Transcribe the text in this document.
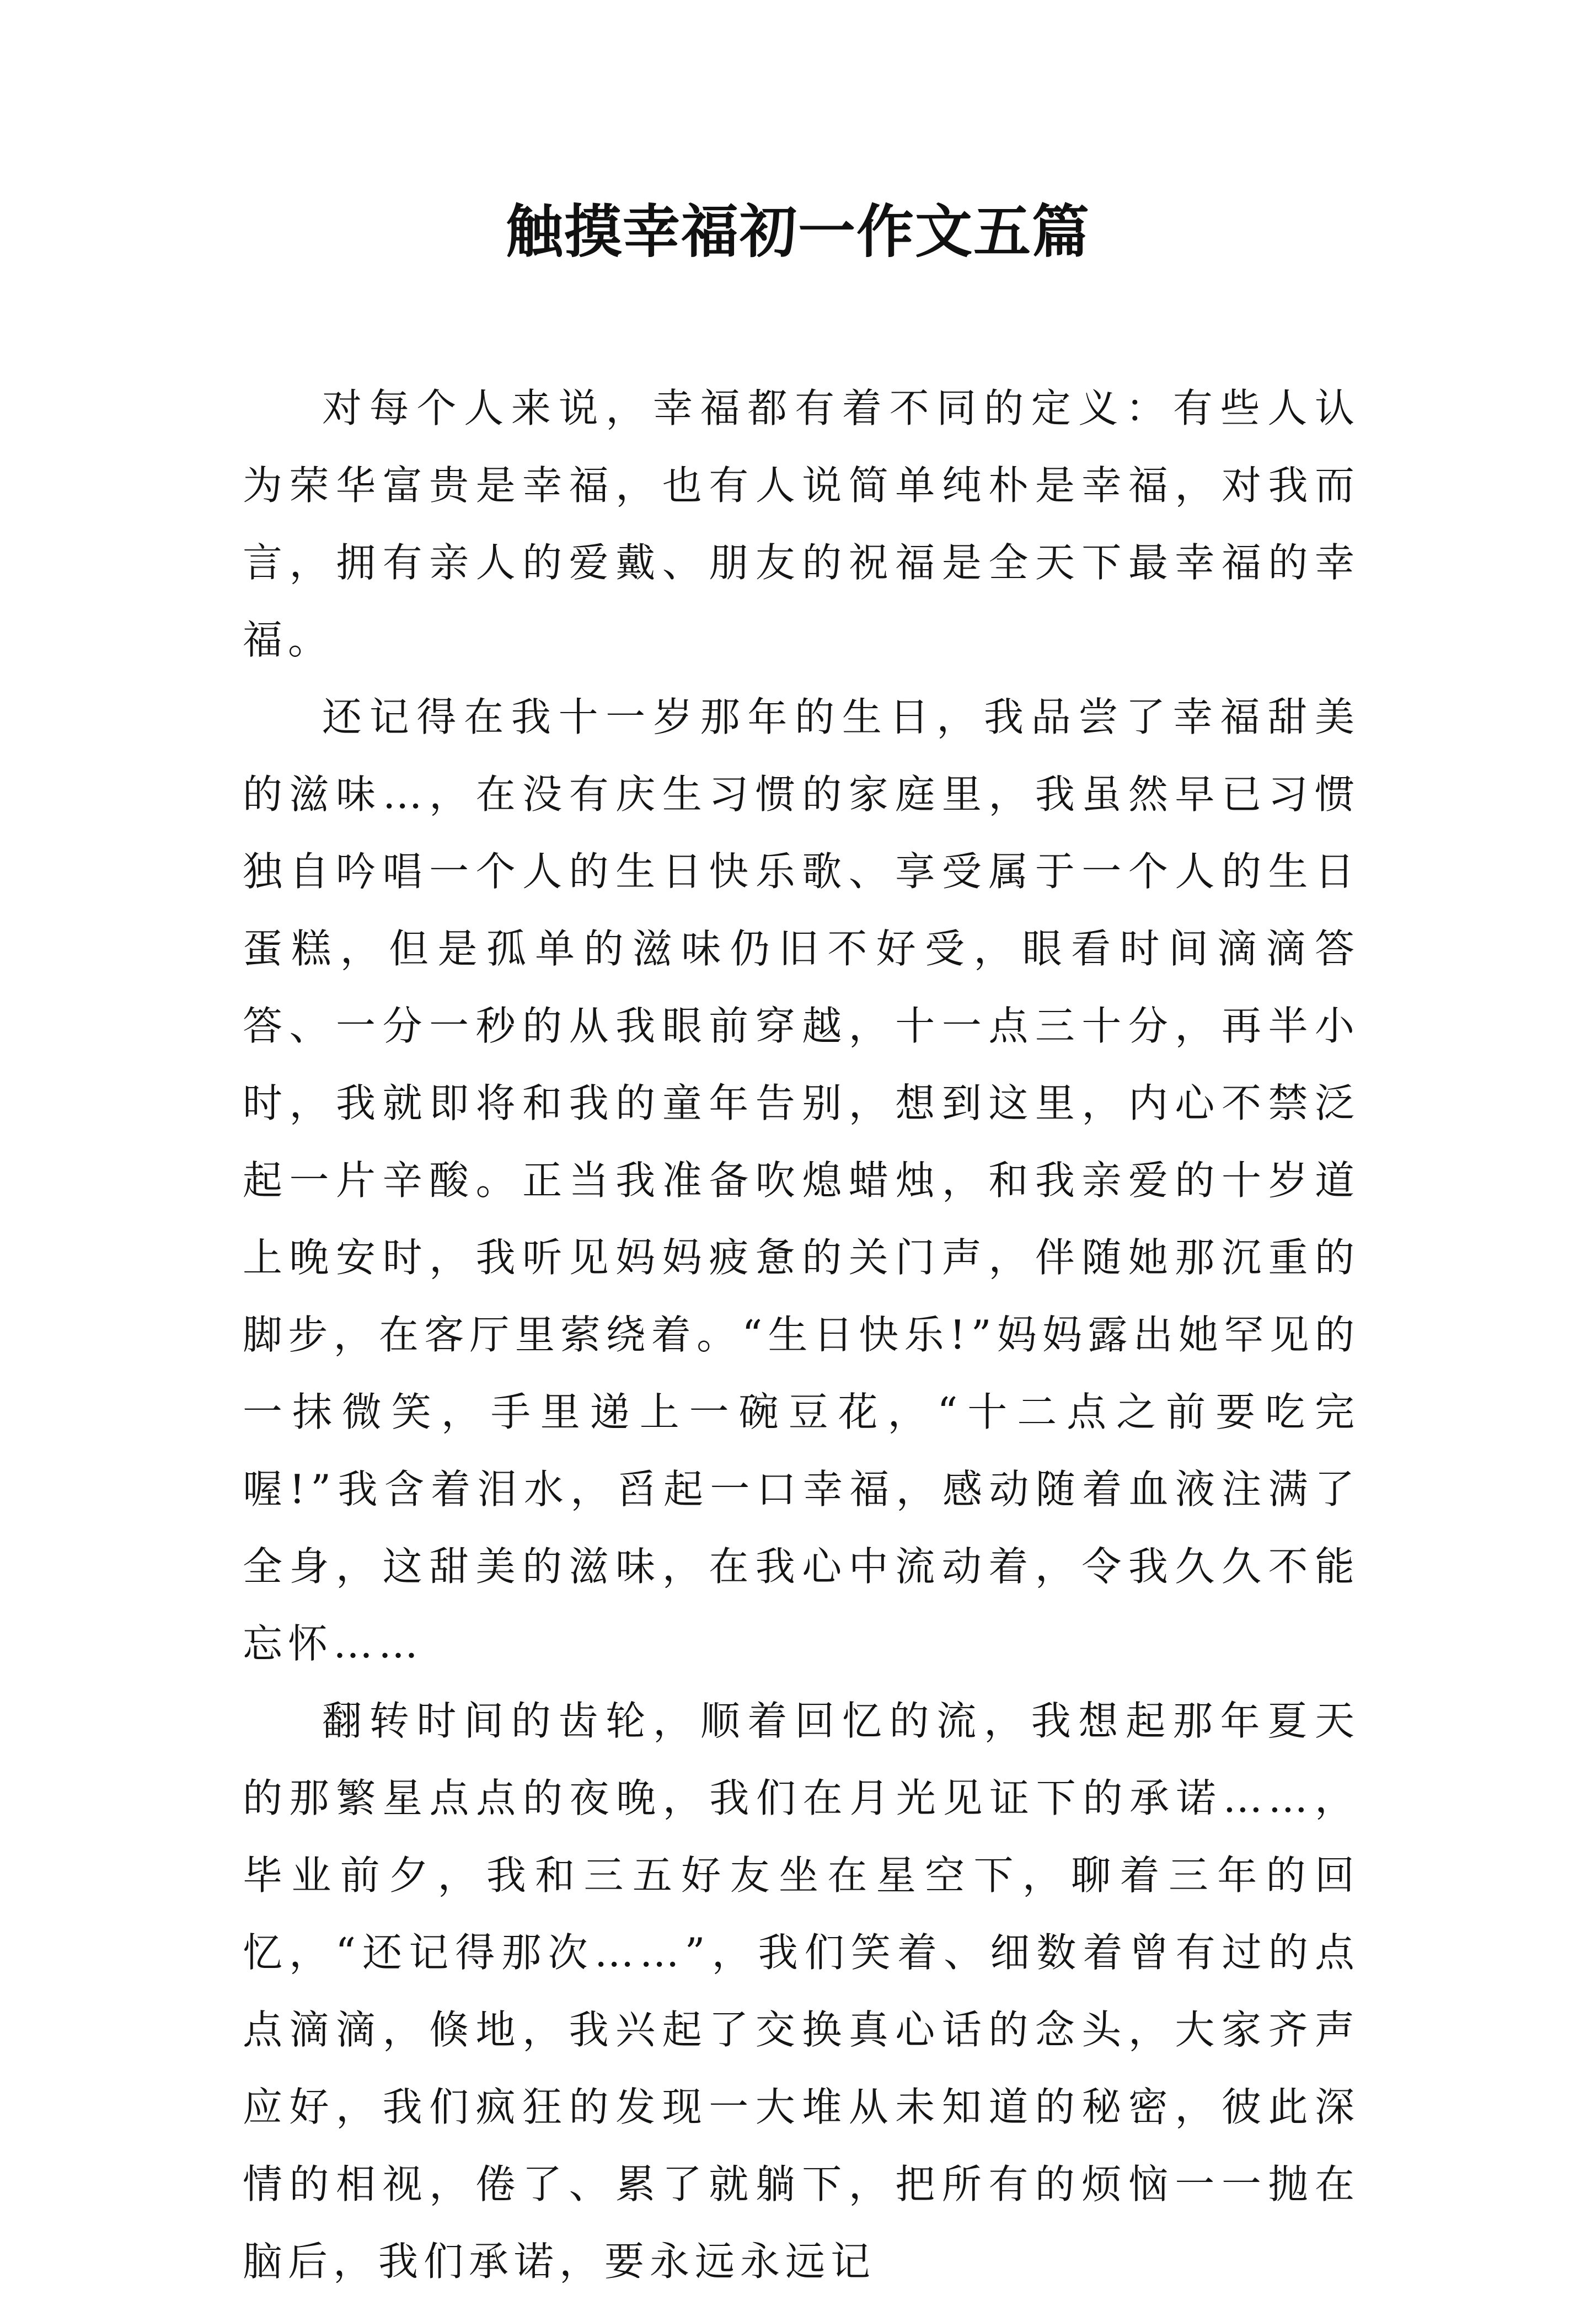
触摸幸福初一作文五篇

对每个人来说，幸福都有着不同的定义：有些人认为荣华富贵是幸福，也有人说简单纯朴是幸福，对我而言，拥有亲人的爱戴、朋友的祝福是全天下最幸福的幸福。

还记得在我十一岁那年的生日，我品尝了幸福甜美的滋味…，在没有庆生习惯的家庭里，我虽然早已习惯独自吟唱一个人的生日快乐歌、享受属于一个人的生日蛋糕，但是孤单的滋味仍旧不好受，眼看时间滴滴答答、一分一秒的从我眼前穿越，十一点三十分，再半小时，我就即将和我的童年告别，想到这里，内心不禁泛起一片辛酸。正当我准备吹熄蜡烛，和我亲爱的十岁道上晚安时，我听见妈妈疲惫的关门声，伴随她那沉重的脚步，在客厅里萦绕着。“生日快乐!”妈妈露出她罕见的一抹微笑，手里递上一碗豆花，“十二点之前要吃完喔!”我含着泪水，舀起一口幸福，感动随着血液注满了全身，这甜美的滋味，在我心中流动着，令我久久不能忘怀……

翻转时间的齿轮，顺着回忆的流，我想起那年夏天的那繁星点点的夜晚，我们在月光见证下的承诺……，毕业前夕，我和三五好友坐在星空下，聊着三年的回忆，“还记得那次……”，我们笑着、细数着曾有过的点点滴滴，倏地，我兴起了交换真心话的念头，大家齐声应好，我们疯狂的发现一大堆从未知道的秘密，彼此深情的相视，倦了、累了就躺下，把所有的烦恼一一抛在脑后，我们承诺，要永远永远记
